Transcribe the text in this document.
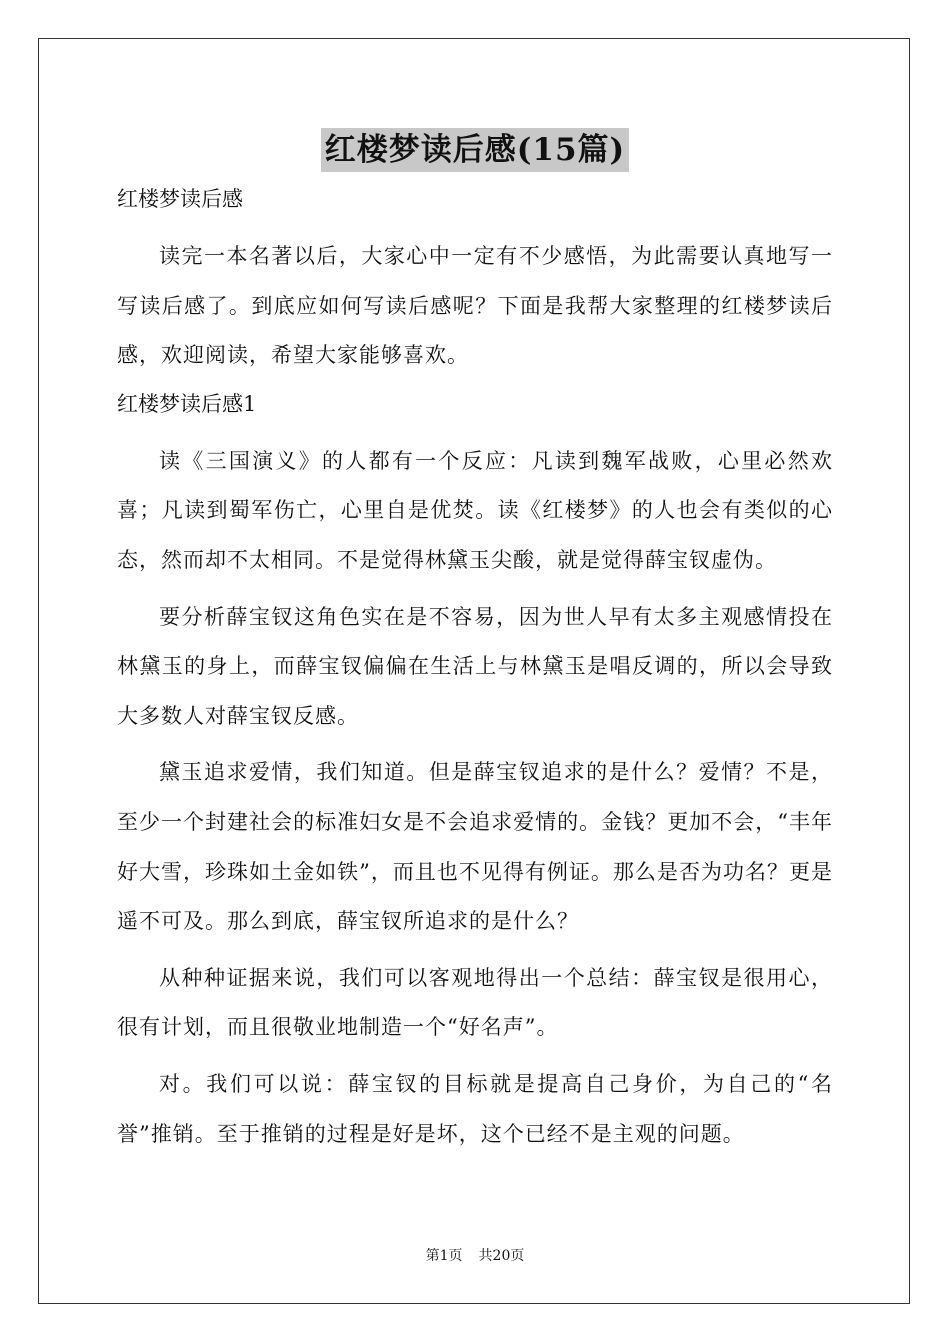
红楼梦读后感(15篇)
红楼梦读后感

读完一本名著以后，大家心中一定有不少感悟，为此需要认真地写一写读后感了。到底应如何写读后感呢？下面是我帮大家整理的红楼梦读后感，欢迎阅读，希望大家能够喜欢。

红楼梦读后感1

读《三国演义》的人都有一个反应：凡读到魏军战败，心里必然欢喜；凡读到蜀军伤亡，心里自是优焚。读《红楼梦》的人也会有类似的心态，然而却不太相同。不是觉得林黛玉尖酸，就是觉得薛宝钗虚伪。

要分析薛宝钗这角色实在是不容易，因为世人早有太多主观感情投在林黛玉的身上，而薛宝钗偏偏在生活上与林黛玉是唱反调的，所以会导致大多数人对薛宝钗反感。

黛玉追求爱情，我们知道。但是薛宝钗追求的是什么？爱情？不是，至少一个封建社会的标准妇女是不会追求爱情的。金钱？更加不会，“丰年好大雪，珍珠如土金如铁”，而且也不见得有例证。那么是否为功名？更是遥不可及。那么到底，薛宝钗所追求的是什么？

从种种证据来说，我们可以客观地得出一个总结：薛宝钗是很用心，很有计划，而且很敬业地制造一个“好名声”。

对。我们可以说：薛宝钗的目标就是提高自己身价，为自己的“名誉”推销。至于推销的过程是好是坏，这个已经不是主观的问题。

第1页 共20页
